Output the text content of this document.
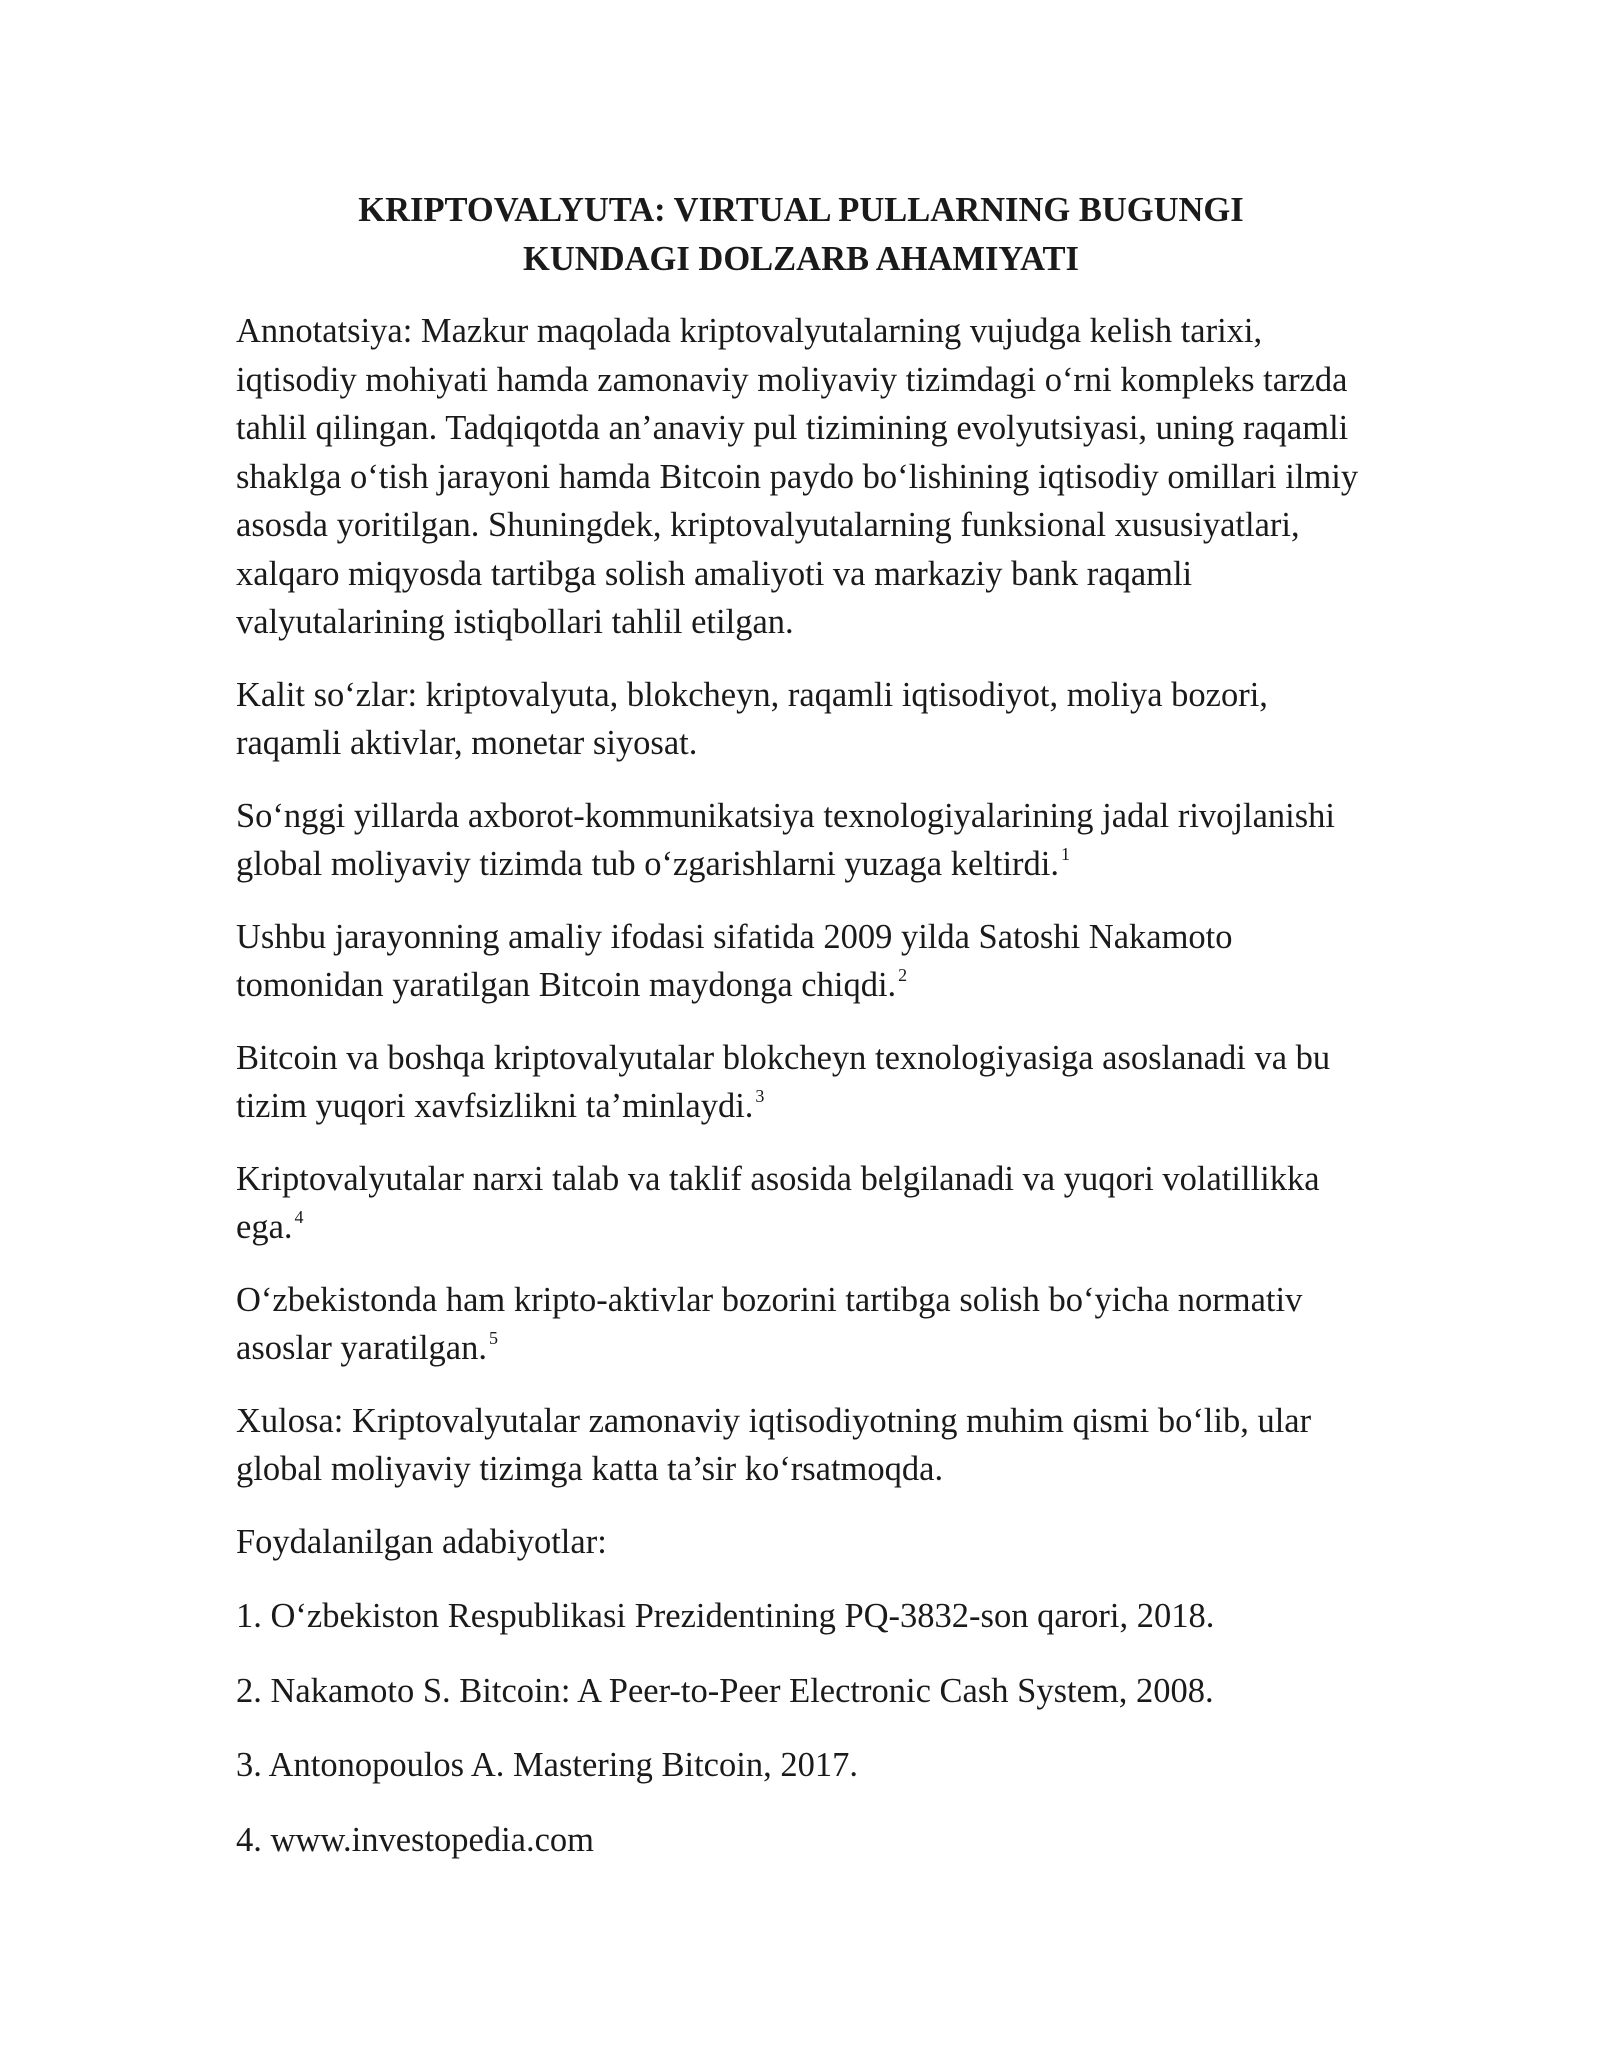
KRIPTOVALYUTA: VIRTUAL PULLARNING BUGUNGI
KUNDAGI DOLZARB AHAMIYATI

Annotatsiya: Mazkur maqolada kriptovalyutalarning vujudga kelish tarixi, iqtisodiy mohiyati hamda zamonaviy moliyaviy tizimdagi o‘rni kompleks tarzda tahlil qilingan. Tadqiqotda an’anaviy pul tizimining evolyutsiyasi, uning raqamli shaklga o‘tish jarayoni hamda Bitcoin paydo bo‘lishining iqtisodiy omillari ilmiy asosda yoritilgan. Shuningdek, kriptovalyutalarning funksional xususiyatlari, xalqaro miqyosda tartibga solish amaliyoti va markaziy bank raqamli valyutalarining istiqbollari tahlil etilgan.

Kalit so‘zlar: kriptovalyuta, blokcheyn, raqamli iqtisodiyot, moliya bozori, raqamli aktivlar, monetar siyosat.

So‘nggi yillarda axborot-kommunikatsiya texnologiyalarining jadal rivojlanishi global moliyaviy tizimda tub o‘zgarishlarni yuzaga keltirdi. $^1$

Ushbu jarayonning amaliy ifodasi sifatida 2009 yilda Satoshi Nakamoto tomonidan yaratilgan Bitcoin maydonga chiqdi. $^2$

Bitcoin va boshqa kriptovalyutalar blokcheyn texnologiyasiga asoslanadi va bu tizim yuqori xavfsizlikni ta’minlaydi. $^3$

Kriptovalyutalar narxi talab va taklif asosida belgilanadi va yuqori volatillikka ega. $^4$

O‘zbekistonda ham kripto-aktivlar bozorini tartibga solish bo‘yicha normativ asoslar yaratilgan. $^5$

Xulosa: Kriptovalyutalar zamonaviy iqtisodiyotning muhim qismi bo‘lib, ular global moliyaviy tizimga katta ta’sir ko‘rsatmoqda.

Foydalanilgan adabiyotlar:

1. O‘zbekiston Respublikasi Prezidentining PQ-3832-son qarori, 2018.

2. Nakamoto S. Bitcoin: A Peer-to-Peer Electronic Cash System, 2008.

3. Antonopoulos A. Mastering Bitcoin, 2017.

4. www.investopedia.com
